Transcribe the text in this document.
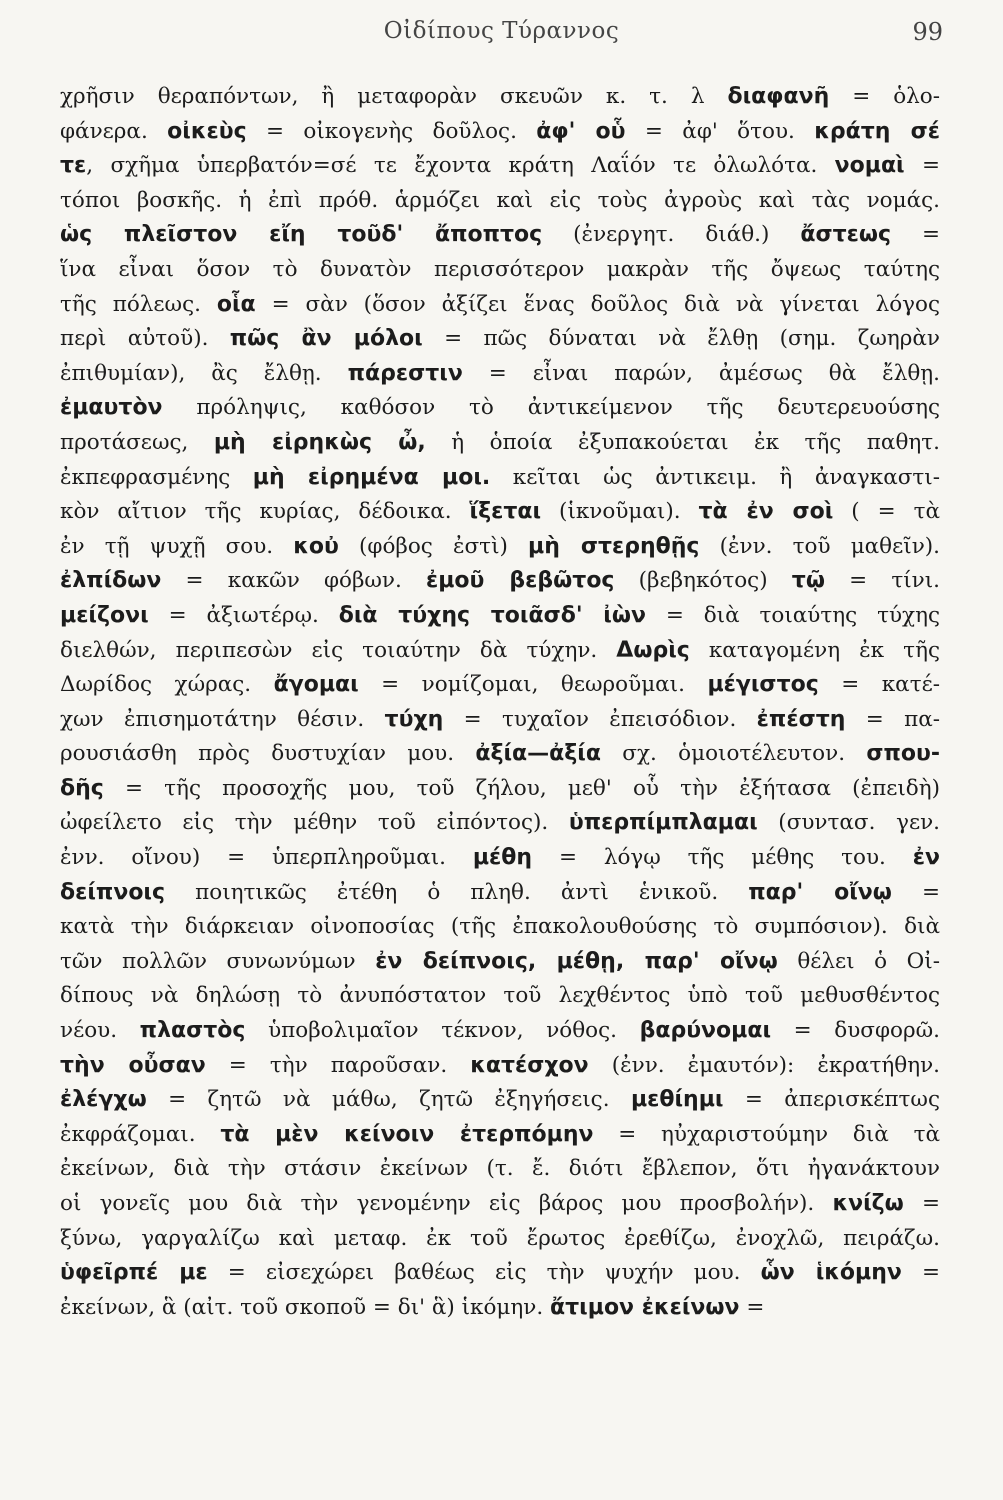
Οἰδίπους Τύραννος	99
χρῆσιν θεραπόντων, ἢ μεταφορὰν σκευῶν κ. τ. λ διαφανῆ = ὁλο-
φάνερα. οἰκεὺς = οἰκογενὴς δοῦλος. ἀφ' οὗ = ἀφ' ὅτου. κράτη σέ
τε, σχῆμα ὑπερβατόν=σέ τε ἔχοντα κράτη Λαΐόν τε ὀλωλότα. νομαὶ =
τόποι βοσκῆς. ἡ ἐπὶ πρόθ. ἁρμόζει καὶ εἰς τοὺς ἀγροὺς καὶ τὰς νομάς.
ὡς πλεῖστον εἴη τοῦδ' ἄποπτος (ἐνεργητ. διάθ.) ἄστεως =
ἵνα εἶναι ὅσον τὸ δυνατὸν περισσότερον μακρὰν τῆς ὄψεως ταύτης
τῆς πόλεως. οἷα = σὰν (ὅσον ἀξίζει ἕνας δοῦλος διὰ νὰ γίνεται λόγος
περὶ αὐτοῦ). πῶς ἂν μόλοι = πῶς δύναται νὰ ἔλθῃ (σημ. ζωηρὰν
ἐπιθυμίαν), ἂς ἔλθῃ. πάρεστιν = εἶναι παρών, ἀμέσως θὰ ἔλθῃ.
ἐμαυτὸν πρόληψις, καθόσον τὸ ἀντικείμενον τῆς δευτερευούσης
προτάσεως, μὴ εἰρηκὼς ὦ, ἡ ὁποία ἐξυπακούεται ἐκ τῆς παθητ.
ἐκπεφρασμένης μὴ εἰρημένα μοι. κεῖται ὡς ἀντικειμ. ἢ ἀναγκαστι-
κὸν αἴτιον τῆς κυρίας, δέδοικα. ἵξεται (ἱκνοῦμαι). τὰ ἐν σοὶ ( = τὰ
ἐν τῇ ψυχῇ σου. κοὐ (φόβος ἐστὶ) μὴ στερηθῇς (ἐνν. τοῦ μαθεῖν).
ἐλπίδων = κακῶν φόβων. ἐμοῦ βεβῶτος (βεβηκότος) τῷ = τίνι.
μείζονι = ἀξιωτέρῳ. διὰ τύχης τοιᾶσδ' ἰὼν = διὰ τοιαύτης τύχης
διελθών, περιπεσὼν εἰς τοιαύτην δὰ τύχην. Δωρὶς καταγομένη ἐκ τῆς
Δωρίδος χώρας. ἄγομαι = νομίζομαι, θεωροῦμαι. μέγιστος = κατέ-
χων ἐπισημοτάτην θέσιν. τύχη = τυχαῖον ἐπεισόδιον. ἐπέστη = πα-
ρουσιάσθη πρὸς δυστυχίαν μου. ἀξία—ἀξία σχ. ὁμοιοτέλευτον. σπου-
δῆς = τῆς προσοχῆς μου, τοῦ ζήλου, μεθ' οὗ τὴν ἐξήτασα (ἐπειδὴ)
ὠφείλετο εἰς τὴν μέθην τοῦ εἰπόντος). ὑπερπίμπλαμαι (συντασ. γεν.
ἐνν. οἴνου) = ὑπερπληροῦμαι. μέθη = λόγῳ τῆς μέθης του. ἐν
δείπνοις ποιητικῶς ἐτέθη ὁ πληθ. ἀντὶ ἑνικοῦ. παρ' οἴνῳ =
κατὰ τὴν διάρκειαν οἰνοποσίας (τῆς ἐπακολουθούσης τὸ συμπόσιον). διὰ
τῶν πολλῶν συνωνύμων ἐν δείπνοις, μέθῃ, παρ' οἴνῳ θέλει ὁ Οἰ-
δίπους νὰ δηλώσῃ τὸ ἀνυπόστατον τοῦ λεχθέντος ὑπὸ τοῦ μεθυσθέντος
νέου. πλαστὸς ὑποβολιμαῖον τέκνον, νόθος. βαρύνομαι = δυσφορῶ.
τὴν οὖσαν = τὴν παροῦσαν. κατέσχον (ἐνν. ἐμαυτόν): ἐκρατήθην.
ἐλέγχω = ζητῶ νὰ μάθω, ζητῶ ἐξηγήσεις. μεθίημι = ἀπερισκέπτως
ἐκφράζομαι. τὰ μὲν κείνοιν ἐτερπόμην = ηὐχαριστούμην διὰ τὰ
ἐκείνων, διὰ τὴν στάσιν ἐκείνων (τ. ἔ. διότι ἔβλεπον, ὅτι ἠγανάκτουν
οἱ γονεῖς μου διὰ τὴν γενομένην εἰς βάρος μου προσβολήν). κνίζω =
ξύνω, γαργαλίζω καὶ μεταφ. ἐκ τοῦ ἔρωτος ἐρεθίζω, ἐνοχλῶ, πειράζω.
ὑφεῖρπέ με = εἰσεχώρει βαθέως εἰς τὴν ψυχήν μου. ὧν ἱκόμην =
ἐκείνων, ἃ (αἰτ. τοῦ σκοποῦ = δι' ἃ) ἱκόμην. ἄτιμον ἐκείνων =
